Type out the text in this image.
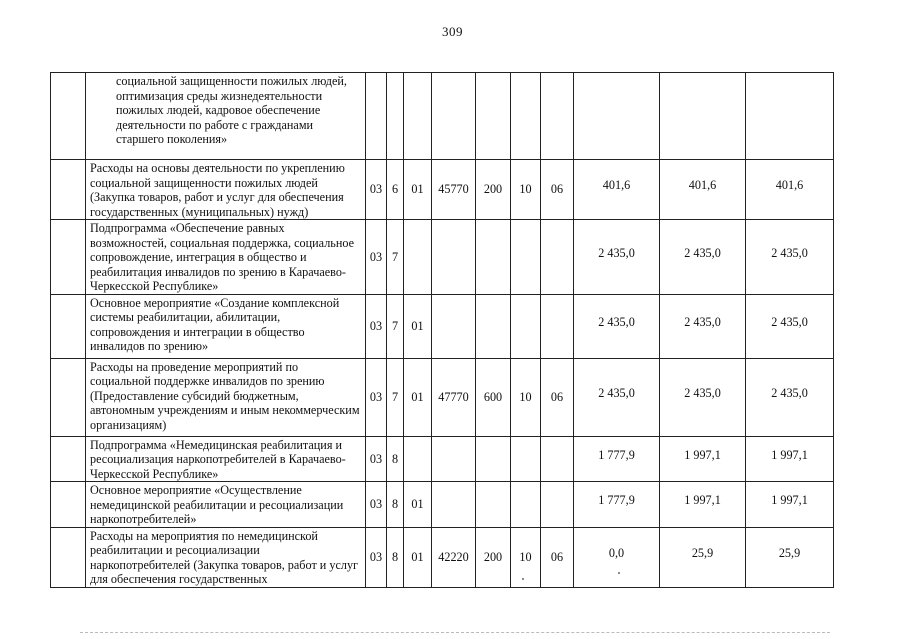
309
	социальной защищенности пожилых людей, оптимизация среды жизнедеятельности пожилых людей, кадровое обеспечение деятельности по работе с гражданами старшего поколения»										
	Расходы на основы деятельности по укреплению социальной защищенности пожилых людей (Закупка товаров, работ и услуг для обеспечения государственных (муниципальных) нужд)	03	6	01	45770	200	10	06	401,6	401,6	401,6
	Подпрограмма «Обеспечение равных возможностей, социальная поддержка, социальное сопровождение, интеграция в общество и реабилитация инвалидов по зрению в Карачаево-Черкесской Республике»	03	7						2 435,0	2 435,0	2 435,0
	Основное мероприятие «Создание комплексной системы реабилитации, абилитации, сопровождения и интеграции в общество инвалидов по зрению»	03	7	01					2 435,0	2 435,0	2 435,0
	Расходы на проведение мероприятий по социальной поддержке инвалидов по зрению (Предоставление субсидий бюджетным, автономным учреждениям и иным некоммерческим организациям)	03	7	01	47770	600	10	06	2 435,0	2 435,0	2 435,0
	Подпрограмма «Немедицинская реабилитация и ресоциализация наркопотребителей в Карачаево-Черкесской Республике»	03	8						1 777,9	1 997,1	1 997,1
	Основное мероприятие «Осуществление немедицинской реабилитации и ресоциализации наркопотребителей»	03	8	01					1 777,9	1 997,1	1 997,1
	Расходы на мероприятия по немедицинской реабилитации и ресоциализации наркопотребителей (Закупка товаров, работ и услуг для обеспечения государственных	03	8	01	42220	200	10	06	0,0	25,9	25,9
